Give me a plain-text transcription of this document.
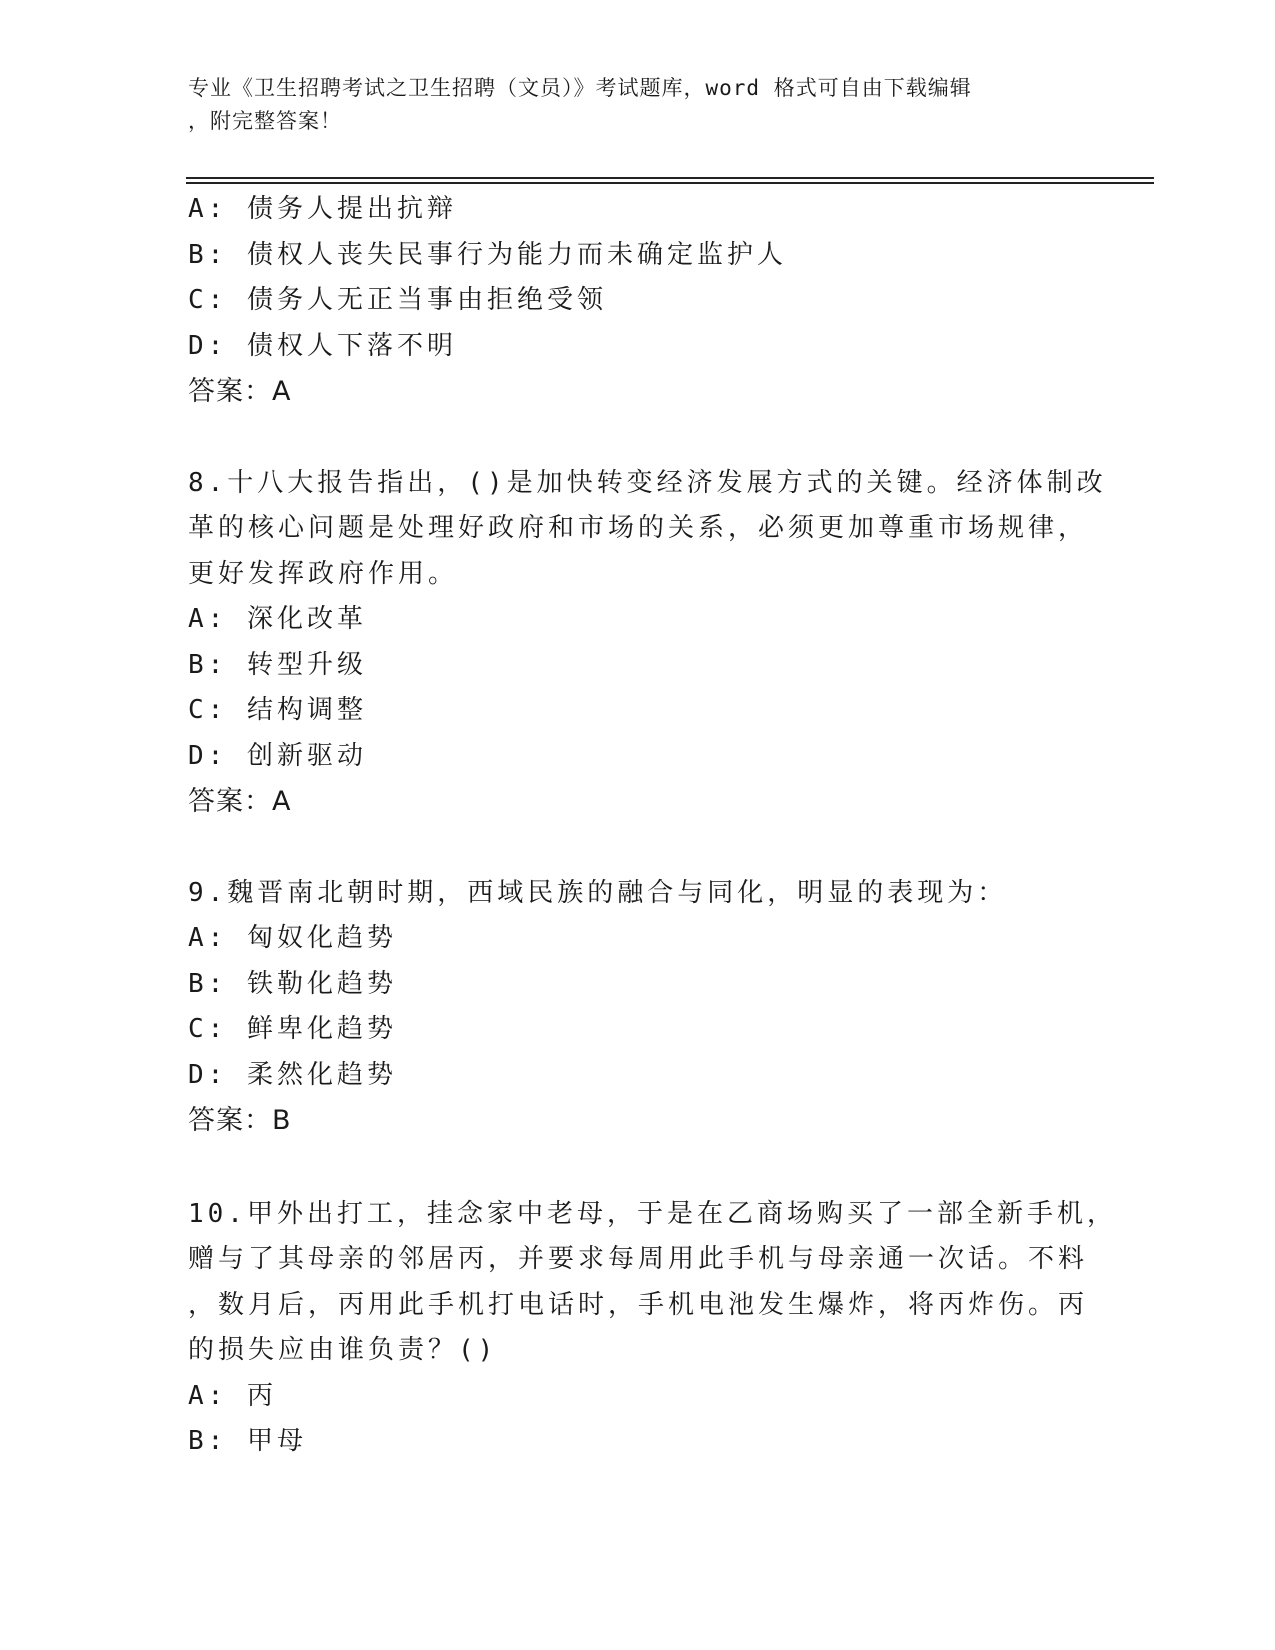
专业《卫生招聘考试之卫生招聘（文员）》考试题库，word 格式可自由下载编辑
，附完整答案！
A: 债务人提出抗辩
B: 债权人丧失民事行为能力而未确定监护人
C: 债务人无正当事由拒绝受领
D: 债权人下落不明
答案：A
8.十八大报告指出，()是加快转变经济发展方式的关键。经济体制改
革的核心问题是处理好政府和市场的关系，必须更加尊重市场规律，
更好发挥政府作用。
A: 深化改革
B: 转型升级
C: 结构调整
D: 创新驱动
答案：A
9.魏晋南北朝时期，西域民族的融合与同化，明显的表现为：
A: 匈奴化趋势
B: 铁勒化趋势
C: 鲜卑化趋势
D: 柔然化趋势
答案：B
10.甲外出打工，挂念家中老母，于是在乙商场购买了一部全新手机，
赠与了其母亲的邻居丙，并要求每周用此手机与母亲通一次话。不料
，数月后，丙用此手机打电话时，手机电池发生爆炸，将丙炸伤。丙
的损失应由谁负责？()
A: 丙
B: 甲母
